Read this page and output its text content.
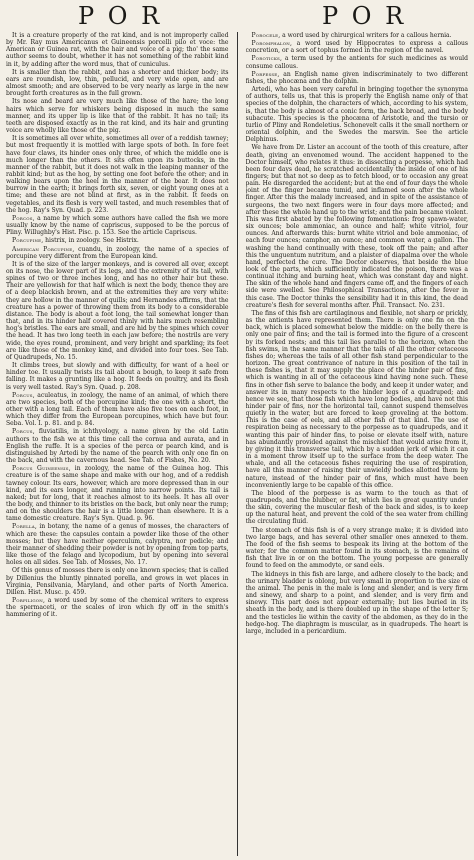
P O R	P O R

It is a creature properly of the rat kind, and is not improperly called by Mr. Ray mus Americanus et Guineensis porcelli pilo et voce: the American or Guinea rat, with the hair and voice of a pig; tho' the same author seems to doubt, whether it has not something of the rabbit kind in it, by adding after the word mus, that of cuniculus.

It is smaller than the rabbit, and has a shorter and thicker body; its ears are roundish, low, thin, pellucid, and very wide open, and are almost smooth; and are observed to be very nearly as large in the new brought forth creatures as in the full grown.

Its nose and beard are very much like those of the hare; the long hairs which serve for whiskers being disposed in much the same manner, and its upper lip is like that of the rabbit. It has no tail; its teeth are disposed exactly as in the rat kind, and its hair and grunting voice are wholly like those of the pig.

It is sometimes all over white, sometimes all over of a reddish tawney; but most frequently it is mottled with large spots of both. In fore feet have four claws, its hinder ones only three, of which the middle one is much longer than the others. It sits often upon its buttocks, in the manner of the rabbit, but it does not walk in the leaping manner of the rabbit kind; but as the hog, by setting one foot before the other; and in walking bears upon the heel in the manner of the bear. It does not burrow in the earth; it brings forth six, seven, or eight young ones at a time; and these are not blind at first, as in the rabbit. It feeds on vegetables, and its flesh is very well tasted, and much resembles that of the hog. Ray's Syn. Quad. p. 223.

Porcos, a name by which some authors have called the fish we more usually know by the name of capriscus, supposed to be the porcus of Pliny. Willughby's Hist. Pisc. p. 153. See the article Capriscus.

Porcupine, histrix, in zoology. See Histrix.

American Porcupine, cuandu, in zoology, the name of a species of porcupine very different from the European kind.

It is of the size of the larger monkeys, and is covered all over, except on its nose, the lower part of its legs, and the extremity of its tail, with spines of two or three inches long, and has no other hair but these. Their are yellowish for that half which is next the body, thence they are of a deep blackish brown, and at the extremities they are very white: they are hollow in the manner of quills; and Hernandes affirms, that the creature has a power of throwing them from its body to a considerable distance. The body is about a foot long, the tail somewhat longer than that, and in its hinder half covered thinly with hairs much resembling hog's bristles. The ears are small, and are hid by the spines which cover the head. It has two long teeth in each jaw before; the nostrils are very wide, the eyes round, prominent, and very bright and sparkling; its feet are like those of the monkey kind, and divided into four toes. See Tab. of Quadrupeds, No. 15.

It climbs trees, but slowly and with difficulty, for want of a heel or hinder toe. It usually twists its tail about a bough, to keep it safe from falling. It makes a grunting like a hog. It feeds on poultry, and its flesh is very well tasted. Ray's Syn. Quad. p. 208.

Porcus, aculeatus, in zoology, the name of an animal, of which there are two species, both of the porcupine kind; the one with a short, the other with a long tail. Each of them have also five toes on each foot, in which they differ from the European porcupines, which have but four. Seba. Vol. I. p. 81. and p. 84.

Porcus, fluviatilis, in ichthyology, a name given by the old Latin authors to the fish we at this time call the cornua and aurata, and in English the ruffe. It is a species of the perca or pearch kind, and is distinguished by Artedi by the name of the pearch with only one fin on the back, and with the cavernous head. See Tab. of Fishes, No. 20.

Porcus Guineensis, in zoology, the name of the Guinea hog. This creature is of the same shape and make with our hog, and of a reddish tawney colour. Its ears, however, which are more depressed than in our kind, and its ears longer, and running into narrow points. Its tail is naked; but for long, that it reaches almost to its heels. It has all over the body, and thinner to its bristles on the back, but only near the rump; and on the shoulders the hair is a little longer than elsewhere. It is a tame domestic creature. Ray's Syn. Quad. p. 96.

Porella, in botany, the name of a genus of mosses, the characters of which are these: the capsules contain a powder like those of the other mosses; but they have neither operculum, calyptra, nor pedicle; and their manner of shedding their powder is not by opening from top parts, like those of the felago and lycopodium, but by opening into several holes on all sides. See Tab. of Mosses, No. 17.

Of this genus of mosses there is only one known species; that is called by Dillenius the bluntly pinnated porella, and grows in wet places in Virginia, Pensilvania, Maryland, and other parts of North America. Dillen. Hist. Musc. p. 459.

Porfiligon, a word used by some of the chemical writers to express the spermaceti, or the scales of iron which fly off in the smith's hammering of it.

Porocele, a word used by chirurgical writers for a callous hernia.

Poromphalon, a word used by Hippocrates to express a callous concretion, or a sort of tophus formed in the region of the navel.

Poroticks, a term used by the antients for such medicines as would consume callous.

Porpesse, an English name given indiscriminately to two different fishes, the phocæna and the dolphin.

Artedi, who has been very careful in bringing together the synonyma of authors, tells us, that this is properly the English name only of that species of the dolphin, the characters of which, according to his system, is, that the body is almost of a conic form, the back broad, and the body subacute. This species is the phocæna of Aristotle, and the tursio or turlio of Pliny and Rondeletius. Schonevelt calls it the small northern or oriental dolphin, and the Swedes the marsvin. See the article Delphinus.

We have from Dr. Lister an account of the tooth of this creature, after death, giving an envenomed wound. The accident happened to the Doctor himself, who relates it thus: in dissecting a porpesse, which had been four days dead, he scratched accidentally the inside of one of his fingers; but that not so deep as to fetch blood, or to occasion any great pain. He disregarded the accident; but at the end of four days the whole joint of the finger became tumid, and inflamed soon after the whole finger. After this the malady increased, and in spite of the assistance of surgeons, the two next fingers were in four days more affected; and after these the whole hand up to the wrist; and the pain became violent. This was first abated by the following fomentations: frog spawn-water, six ounces; bole ammoniac, an ounce and half; white vitriol, four ounces. And afterwards this: burnt white vitriol and bole ammoniac, of each four ounces; camphor, an ounce; and common water, a gallon. The washing the hand continually with these, took off the pain; and after this the unguentum nutritum, and a plaister of diapalma over the whole hand, perfected the cure. The Doctor observes, that beside the blue look of the parts, which sufficiently indicated the poison, there was a continual itching and burning heat, which was constant day and night. The skin of the whole hand and fingers came off, and the fingers of each side were swelled. See Philosophical Transactions, after the fever in this case. The Doctor thinks the sensibility had it in this kind, the dead creature's flesh for several months after. Phil. Transact. No. 231.

The fins of this fish are cartilaginous and flexible, not sharp or prickly, as the antients have represented them. There is only one fin on the back, which is placed somewhat below the middle: on the belly there is only one pair of fins; and the tail is formed into the figure of a crescent by its forked nests; and this tail lies parallel to the horizon, when the fish swims, in the same manner that the tails of all the other cetaceous fishes do; whereas the tails of all other fish stand perpendicular to the horizon. The great contrivance of nature in this position of the tail in these fishes is, that it may supply the place of the hinder pair of fins, which is wanting in all of the cetaceous kind having none such. These fins in other fish serve to balance the body, and keep it under water, and answer its in many respects to the hinder legs of a quadruped; and hence we see, that those fish which have long bodies, and have not this hinder pair of fins, nor the horizontal tail, cannot suspend themselves quietly in the water, but are forced to keep groveling at the bottom. This is the case of eels, and all other fish of that kind. The use of respiration being as necessary to the porpesse as to quadrupeds, and it wanting this pair of hinder fins, to poise or elevate itself with, nature has abundantly provided against the mischief that would arise from it, by giving it this transverse tail, which by a sudden jerk of which it can in a moment throw itself up to the surface from the deep water. The whale, and all the cetaceous fishes requiring the use of respiration, have all this manner of raising their unwieldy bodies allotted them by nature, instead of the hinder pair of fins, which must have been inconveniently large to be capable of this office.

The blood of the porpesse is as warm to the touch as that of quadrupeds, and the blubber, or fat, which lies in great quantity under the skin, covering the muscular flesh of the back and sides, is to keep up the natural heat, and prevent the cold of the sea water from chilling the circulating fluid.

The stomach of this fish is of a very strange make; it is divided into two large bags, and has several other smaller ones annexed to them. The food of the fish seems to bespeak its living at the bottom of the water; for the common matter found in its stomach, is the remains of fish that live in or on the bottom. The young porpesse are generally found to feed on the ammodyte, or sand eels.

The kidneys in this fish are large, and adhere closely to the back; and the urinary bladder is oblong, but very small in proportion to the size of the animal. The penis in the male is long and slender, and is very firm and sinewy, and sharp to a point, and slender, and is very firm and sinewy. This part does not appear externally; but lies buried in its sheath in the body, and is there doubled up in the shape of the letter S; and the testicles lie within the cavity of the abdomen, as they do in the hedge-hog. The diaphragm is muscular, as in quadrupeds. The heart is large, included in a pericardium.
